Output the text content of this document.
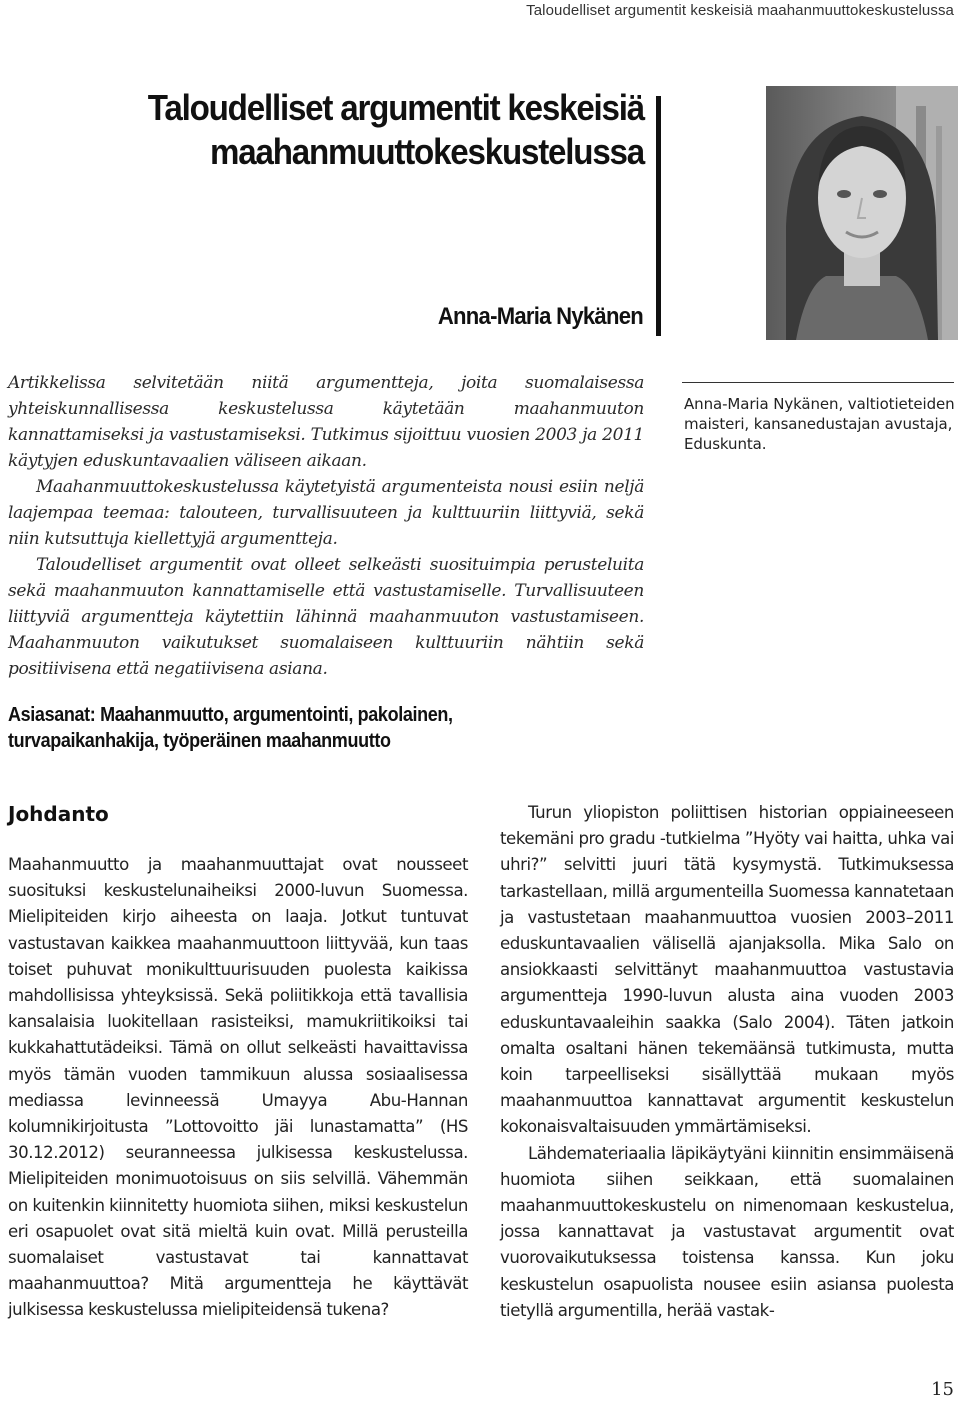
Taloudelliset argumentit keskeisiä maahanmuuttokeskustelussa
Taloudelliset argumentit keskeisiä
maahanmuuttokeskustelussa
Anna-Maria Nykänen

Artikkelissa selvitetään niitä argumentteja, joita suomalaisessa yhteiskunnallisessa keskustelussa käytetään maahanmuuton kannattamiseksi ja vastustamiseksi. Tutkimus sijoittuu vuosien 2003 ja 2011 käytyjen eduskuntavaalien väliseen aikaan.

Maahanmuuttokeskustelussa käytetyistä argumenteista nousi esiin neljä laajempaa teemaa: talouteen, turvallisuuteen ja kulttuuriin liittyviä, sekä niin kutsuttuja kiellettyjä argumentteja.

Taloudelliset argumentit ovat olleet selkeästi suosituimpia perusteluita sekä maahanmuuton kannattamiselle että vastustamiselle. Turvallisuuteen liittyviä argumentteja käytettiin lähinnä maahanmuuton vastustamiseen. Maahanmuuton vaikutukset suomalaiseen kulttuuriin nähtiin sekä positiivisena että negatiivisena asiana.

Anna-Maria Nykänen, valtiotieteiden maisteri, kansanedustajan avustaja, Eduskunta.
Asiasanat: Maahanmuutto, argumentointi, pakolainen, turvapaikanhakija, työperäinen maahanmuutto
Johdanto

Maahanmuutto ja maahanmuuttajat ovat nousseet suosituksi keskustelunaiheiksi 2000-luvun Suomessa. Mielipiteiden kirjo aiheesta on laaja. Jotkut tuntuvat vastustavan kaikkea maahanmuuttoon liittyvää, kun taas toiset puhuvat monikulttuurisuuden puolesta kaikissa mahdollisissa yhteyksissä. Sekä poliitikkoja että tavallisia kansalaisia luokitellaan rasisteiksi, mamukriitikoiksi tai kukkahattutädeiksi. Tämä on ollut selkeästi havaittavissa myös tämän vuoden tammikuun alussa sosiaalisessa mediassa levinneessä Umayya Abu-Hannan kolumnikirjoitusta ”Lottovoitto jäi lunastamatta” (HS 30.12.2012) seuranneessa julkisessa keskustelussa. Mielipiteiden monimuotoisuus on siis selvillä. Vähemmän on kuitenkin kiinnitetty huomiota siihen, miksi keskustelun eri osapuolet ovat sitä mieltä kuin ovat. Millä perusteilla suomalaiset vastustavat tai kannattavat maahanmuuttoa? Mitä argumentteja he käyttävät julkisessa keskustelussa mielipiteidensä tukena?

Turun yliopiston poliittisen historian oppiaineeseen tekemäni pro gradu -tutkielma ”Hyöty vai haitta, uhka vai uhri?” selvitti juuri tätä kysymystä. Tutkimuksessa tarkastellaan, millä argumenteilla Suomessa kannatetaan ja vastustetaan maahanmuuttoa vuosien 2003–2011 eduskuntavaalien välisellä ajanjaksolla. Mika Salo on ansiokkaasti selvittänyt maahanmuuttoa vastustavia argumentteja 1990-luvun alusta aina vuoden 2003 eduskuntavaaleihin saakka (Salo 2004). Täten jatkoin omalta osaltani hänen tekemäänsä tutkimusta, mutta koin tarpeelliseksi sisällyttää mukaan myös maahanmuuttoa kannattavat argumentit keskustelun kokonaisvaltaisuuden ymmärtämiseksi.

Lähdemateriaalia läpikäytyäni kiinnitin ensimmäisenä huomiota siihen seikkaan, että suomalainen maahanmuuttokeskustelu on nimenomaan keskustelua, jossa kannattavat ja vastustavat argumentit ovat vuorovaikutuksessa toistensa kanssa. Kun joku keskustelun osapuolista nousee esiin asiansa puolesta tietyllä argumentilla, herää vastak-

15
